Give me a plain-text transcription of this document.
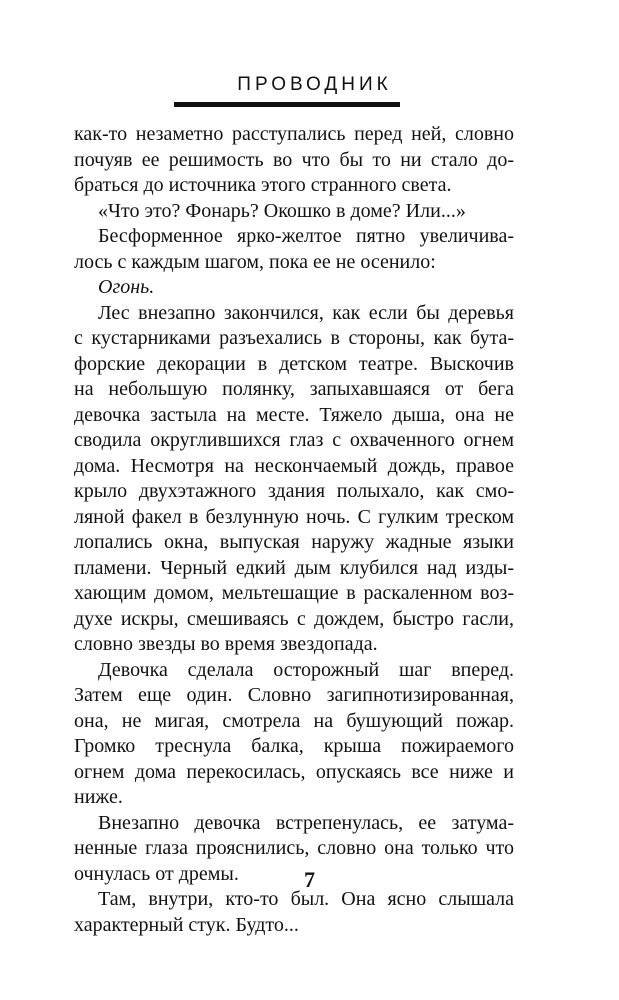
ПРОВОДНИК

как-то незаметно расступались перед ней, словно
почуяв ее решимость во что бы то ни стало до-
браться до источника этого странного света.

«Что это? Фонарь? Окошко в доме? Или...»

Бесформенное ярко-желтое пятно увеличива-
лось с каждым шагом, пока ее не осенило:

Огонь.

Лес внезапно закончился, как если бы деревья
с кустарниками разъехались в стороны, как бута-
форские декорации в детском театре. Выскочив
на небольшую полянку, запыхавшаяся от бега
девочка застыла на месте. Тяжело дыша, она не
сводила округлившихся глаз с охваченного огнем
дома. Несмотря на нескончаемый дождь, правое
крыло двухэтажного здания полыхало, как смо-
ляной факел в безлунную ночь. С гулким треском
лопались окна, выпуская наружу жадные языки
пламени. Черный едкий дым клубился над изды-
хающим домом, мельтешащие в раскаленном воз-
духе искры, смешиваясь с дождем, быстро гасли,
словно звезды во время звездопада.

Девочка сделала осторожный шаг вперед.
Затем еще один. Словно загипнотизированная,
она, не мигая, смотрела на бушующий пожар.
Громко треснула балка, крыша пожираемого
огнем дома перекосилась, опускаясь все ниже и
ниже.

Внезапно девочка встрепенулась, ее затума-
ненные глаза прояснились, словно она только что
очнулась от дремы.

Там, внутри, кто-то был. Она ясно слышала
характерный стук. Будто...

7
